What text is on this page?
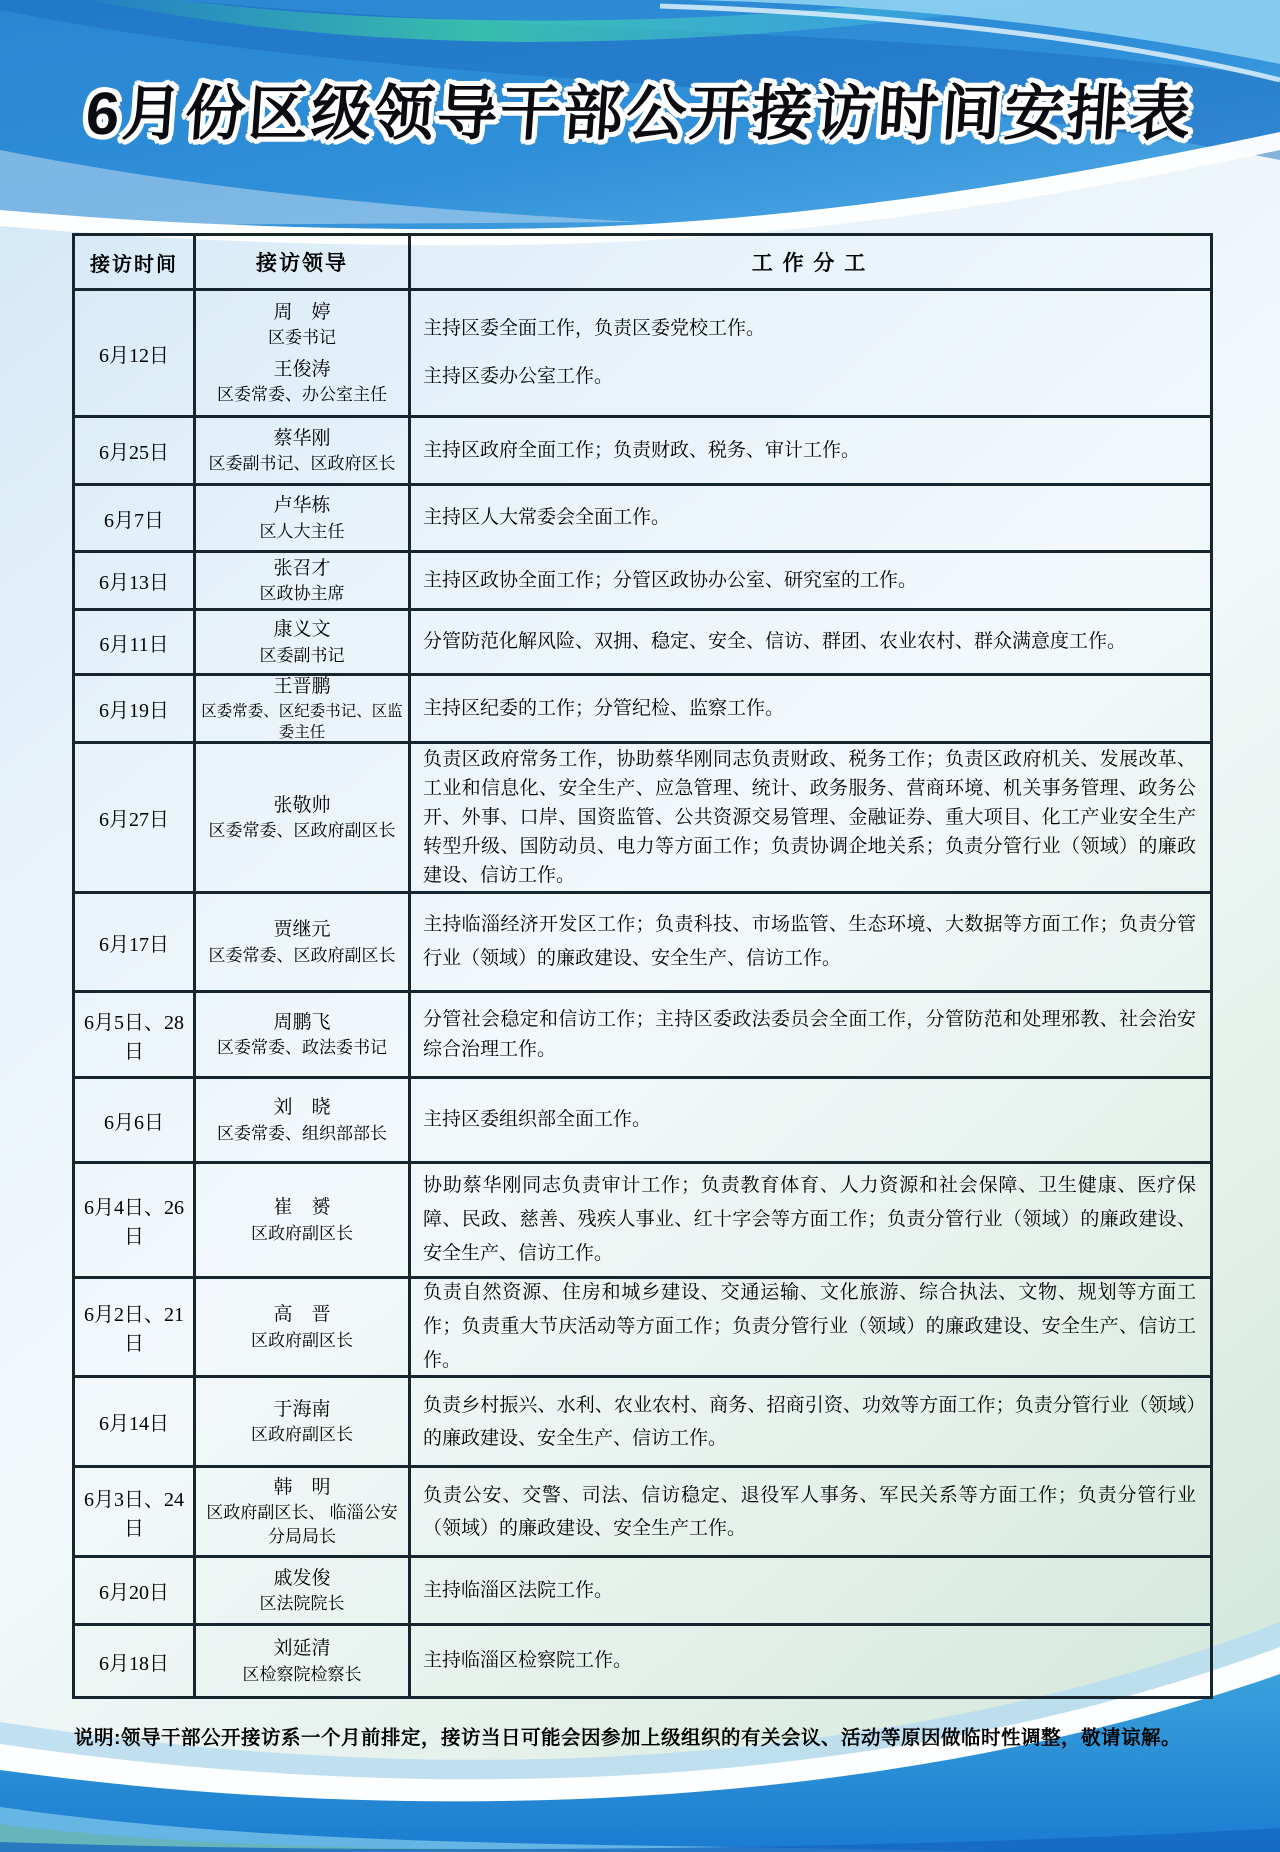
6月份区级领导干部公开接访时间安排表
接访时间	接访领导	工 作 分 工
6月12日
周　婷
区委书记
王俊涛
区委常委、办公室主任
主持区委全面工作，负责区委党校工作。
主持区委办公室工作。
6月25日
蔡华刚
区委副书记、区政府区长
主持区政府全面工作；负责财政、税务、审计工作。
6月7日
卢华栋
区人大主任
主持区人大常委会全面工作。
6月13日
张召才
区政协主席
主持区政协全面工作；分管区政协办公室、研究室的工作。
6月11日
康义文
区委副书记
分管防范化解风险、双拥、稳定、安全、信访、群团、农业农村、群众满意度工作。
6月19日
王晋鹏
区委常委、区纪委书记、区监委主任
主持区纪委的工作；分管纪检、监察工作。
6月27日
张敬帅
区委常委、区政府副区长
负责区政府常务工作，协助蔡华刚同志负责财政、税务工作；负责区政府机关、发展改革、工业和信息化、安全生产、应急管理、统计、政务服务、营商环境、机关事务管理、政务公开、外事、口岸、国资监管、公共资源交易管理、金融证券、重大项目、化工产业安全生产转型升级、国防动员、电力等方面工作；负责协调企地关系；负责分管行业（领域）的廉政建设、信访工作。
6月17日
贾继元
区委常委、区政府副区长
主持临淄经济开发区工作；负责科技、市场监管、生态环境、大数据等方面工作；负责分管行业（领域）的廉政建设、安全生产、信访工作。
6月5日、28日
周鹏飞
区委常委、政法委书记
分管社会稳定和信访工作；主持区委政法委员会全面工作，分管防范和处理邪教、社会治安综合治理工作。
6月6日
刘　晓
区委常委、组织部部长
主持区委组织部全面工作。
6月4日、26日
崔　赟
区政府副区长
协助蔡华刚同志负责审计工作；负责教育体育、人力资源和社会保障、卫生健康、医疗保障、民政、慈善、残疾人事业、红十字会等方面工作；负责分管行业（领域）的廉政建设、安全生产、信访工作。
6月2日、21日
高　晋
区政府副区长
负责自然资源、住房和城乡建设、交通运输、文化旅游、综合执法、文物、规划等方面工作；负责重大节庆活动等方面工作；负责分管行业（领域）的廉政建设、安全生产、信访工作。
6月14日
于海南
区政府副区长
负责乡村振兴、水利、农业农村、商务、招商引资、功效等方面工作；负责分管行业（领域）的廉政建设、安全生产、信访工作。
6月3日、24日
韩　明
区政府副区长、 临淄公安分局局长
负责公安、交警、司法、信访稳定、退役军人事务、军民关系等方面工作；负责分管行业（领域）的廉政建设、安全生产工作。
6月20日
戚发俊
区法院院长
主持临淄区法院工作。
6月18日
刘延清
区检察院检察长
主持临淄区检察院工作。
说明:领导干部公开接访系一个月前排定，接访当日可能会因参加上级组织的有关会议、活动等原因做临时性调整，敬请谅解。
